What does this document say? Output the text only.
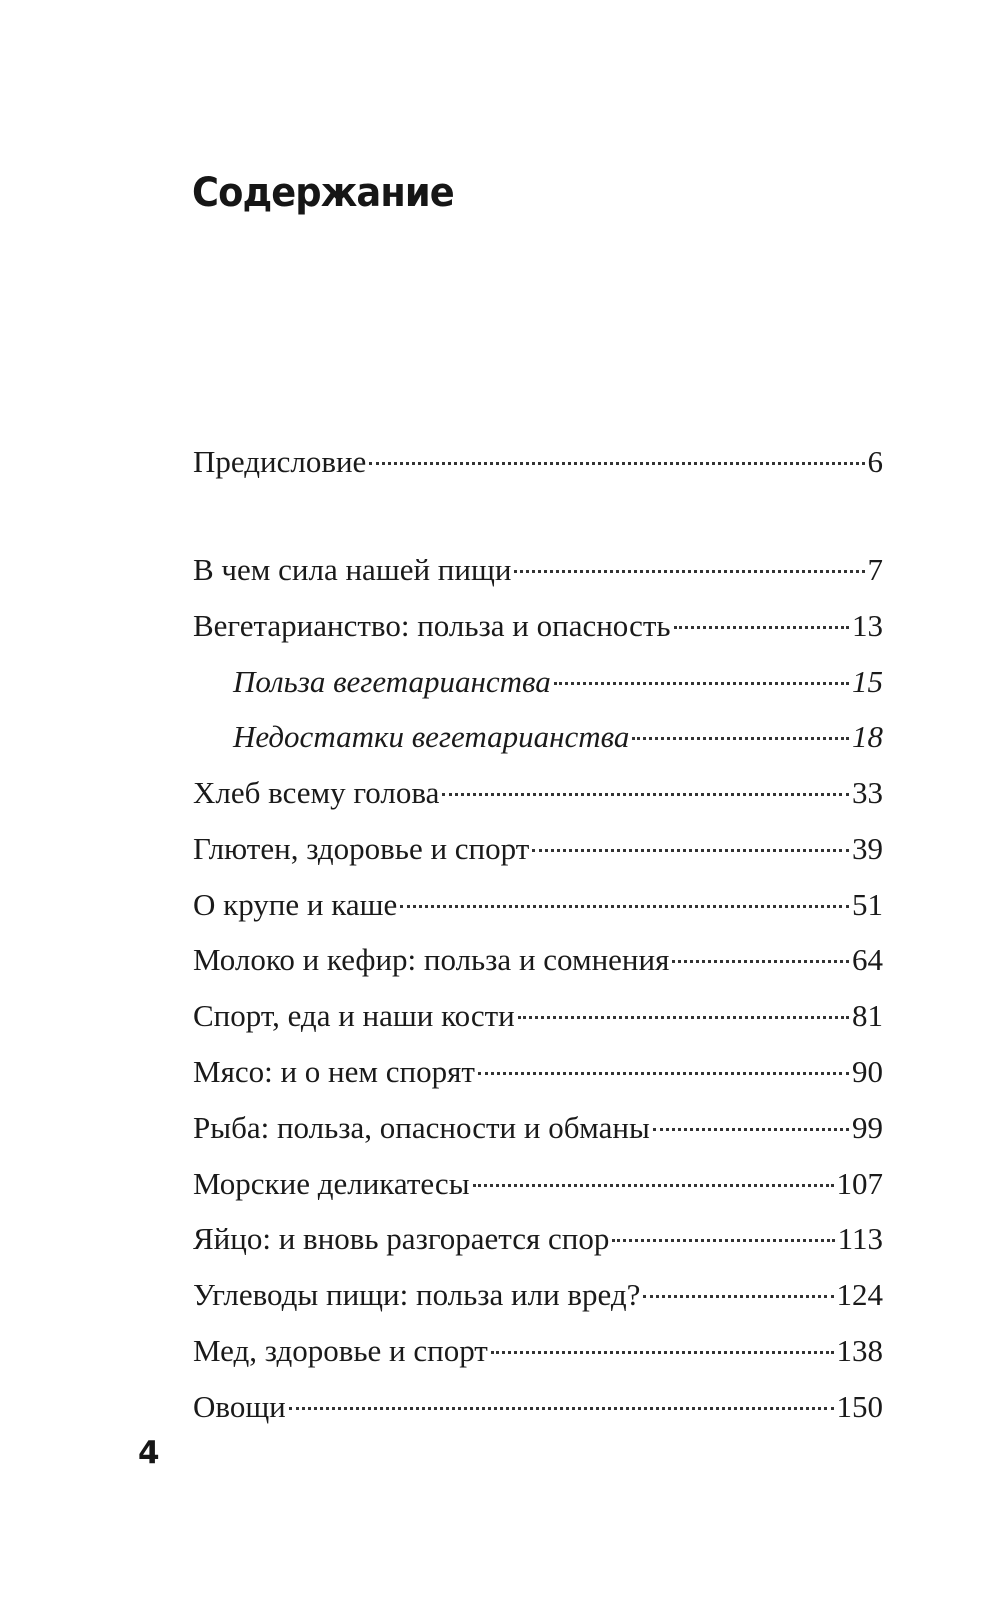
Содержание
Предисловие	6
В чем сила нашей пищи	7
Вегетарианство: польза и опасность	13
Польза вегетарианства	15
Недостатки вегетарианства	18
Хлеб всему голова	33
Глютен, здоровье и спорт	39
О крупе и каше	51
Молоко и кефир: польза и сомнения	64
Спорт, еда и наши кости	81
Мясо: и о нем спорят	90
Рыба: польза, опасности и обманы	99
Морские деликатесы	107
Яйцо: и вновь разгорается спор	113
Углеводы пищи: польза или вред?	124
Мед, здоровье и спорт	138
Овощи	150
4
